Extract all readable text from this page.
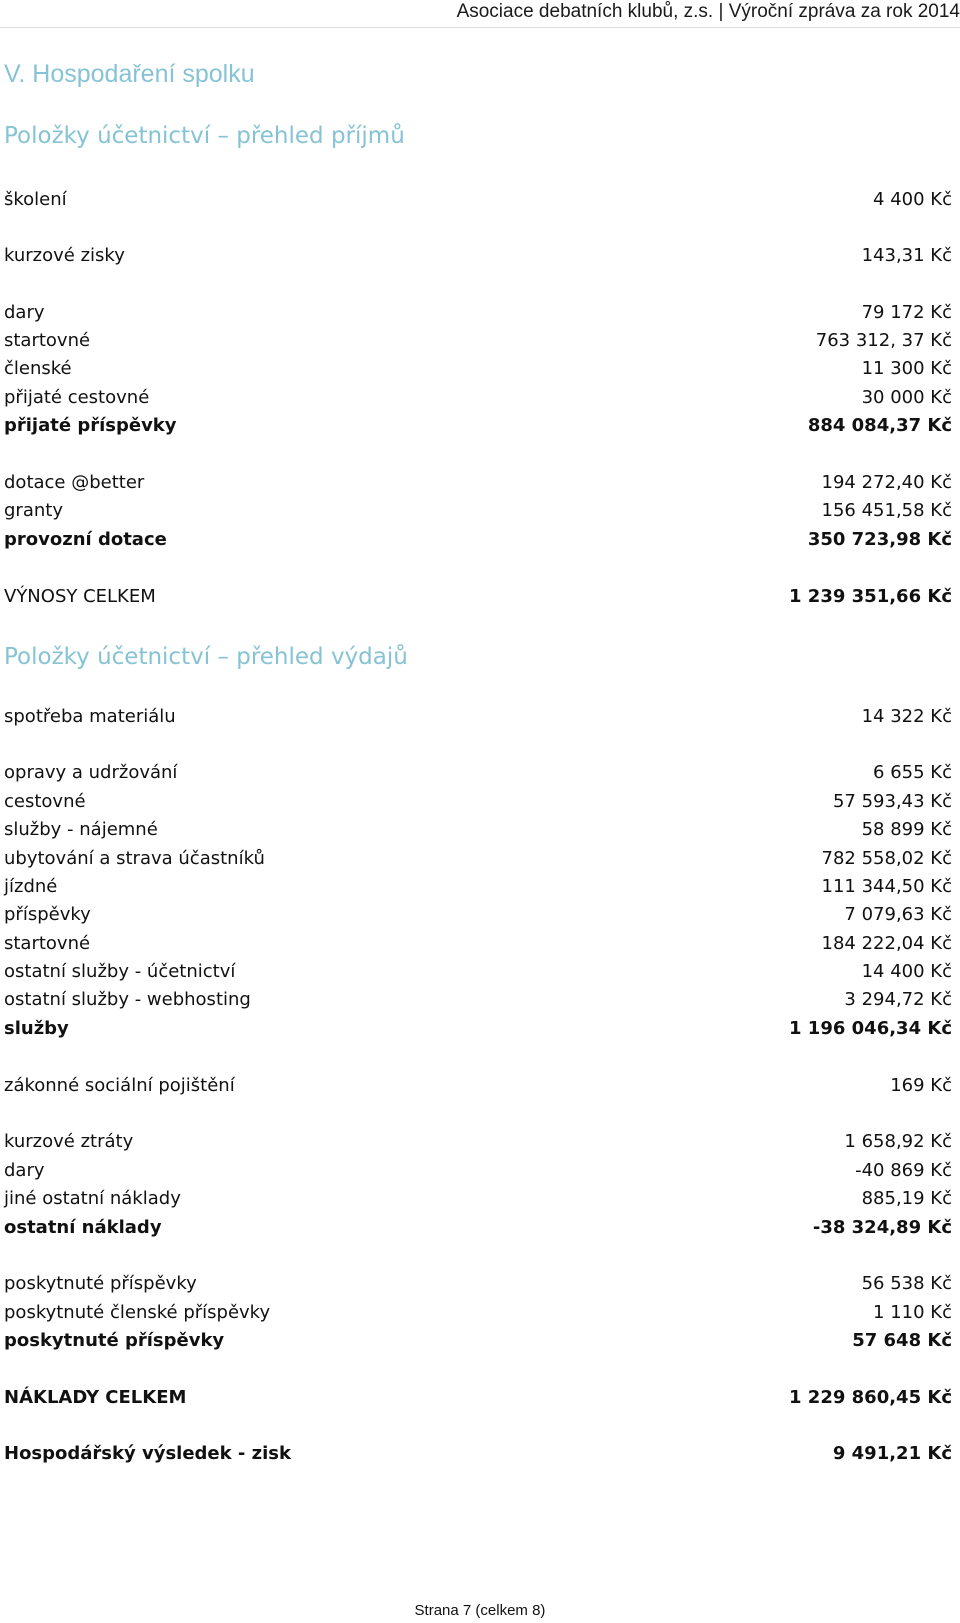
Asociace debatních klubů, z.s. | Výroční zpráva za rok 2014
V. Hospodaření spolku
Položky účetnictví – přehled příjmů
školení	4 400 Kč
kurzové zisky	143,31 Kč
dary	79 172 Kč
startovné	763 312, 37 Kč
členské	11 300 Kč
přijaté cestovné	30 000 Kč
přijaté příspěvky	884 084,37 Kč
dotace @better	194 272,40 Kč
granty	156 451,58 Kč
provozní dotace	350 723,98 Kč
VÝNOSY CELKEM	1 239 351,66 Kč
Položky účetnictví – přehled výdajů
spotřeba materiálu	14 322 Kč
opravy a udržování	6 655 Kč
cestovné	57 593,43 Kč
služby - nájemné	58 899 Kč
ubytování a strava účastníků	782 558,02 Kč
jízdné	111 344,50 Kč
příspěvky	7 079,63 Kč
startovné	184 222,04 Kč
ostatní služby - účetnictví	14 400 Kč
ostatní služby - webhosting	3 294,72 Kč
služby	1 196 046,34 Kč
zákonné sociální pojištění	169 Kč
kurzové ztráty	1 658,92 Kč
dary	-40 869 Kč
jiné ostatní náklady	885,19 Kč
ostatní náklady	-38 324,89 Kč
poskytnuté příspěvky	56 538 Kč
poskytnuté členské příspěvky	1 110 Kč
poskytnuté příspěvky	57 648 Kč
NÁKLADY CELKEM	1 229 860,45 Kč
Hospodářský výsledek - zisk	9 491,21 Kč
Strana 7 (celkem 8)
